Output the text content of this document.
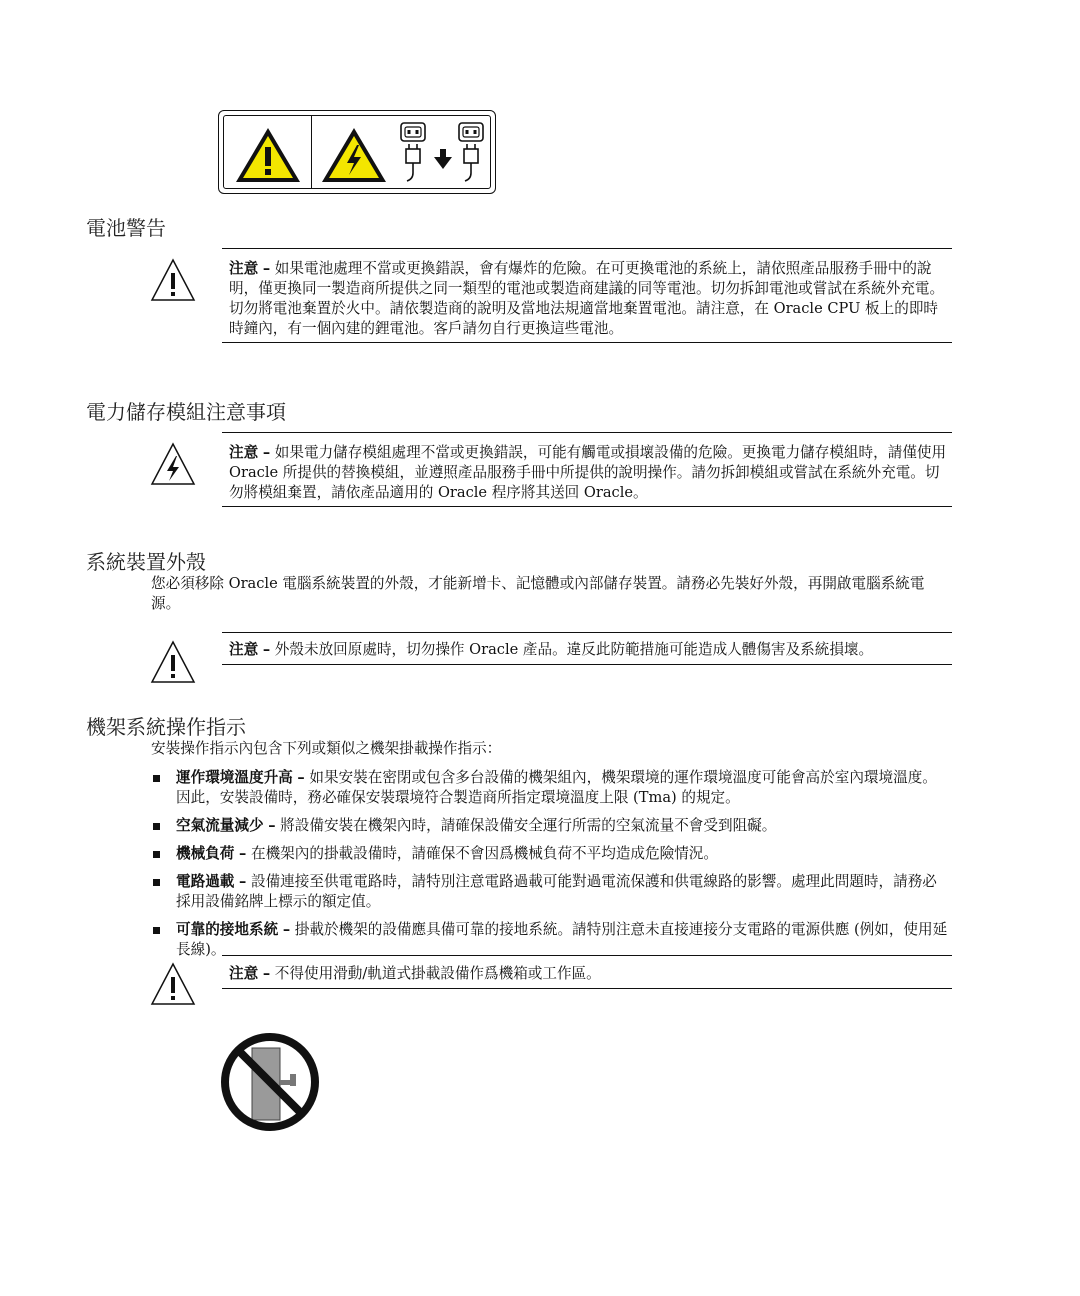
電池警告
注意 – 如果電池處理不當或更換錯誤，會有爆炸的危險。在可更換電池的系統上，請依照產品服務手冊中的說明，僅更換同一製造商所提供之同一類型的電池或製造商建議的同等電池。切勿拆卸電池或嘗試在系統外充電。切勿將電池棄置於火中。請依製造商的說明及當地法規適當地棄置電池。請注意，在 Oracle CPU 板上的即時時鐘內，有一個內建的鋰電池。客戶請勿自行更換這些電池。
電力儲存模組注意事項
注意 – 如果電力儲存模組處理不當或更換錯誤，可能有觸電或損壞設備的危險。更換電力儲存模組時，請僅使用 Oracle 所提供的替換模組，並遵照產品服務手冊中所提供的說明操作。請勿拆卸模組或嘗試在系統外充電。切勿將模組棄置，請依產品適用的 Oracle 程序將其送回 Oracle。
系統裝置外殼
您必須移除 Oracle 電腦系統裝置的外殼，才能新增卡、記憶體或內部儲存裝置。請務必先裝好外殼，再開啟電腦系統電源。
注意 – 外殼未放回原處時，切勿操作 Oracle 產品。違反此防範措施可能造成人體傷害及系統損壞。
機架系統操作指示
安裝操作指示內包含下列或類似之機架掛載操作指示：
運作環境溫度升高 – 如果安裝在密閉或包含多台設備的機架組內，機架環境的運作環境溫度可能會高於室內環境溫度。因此，安裝設備時，務必確保安裝環境符合製造商所指定環境溫度上限 (Tma) 的規定。
空氣流量減少 – 將設備安裝在機架內時，請確保設備安全運行所需的空氣流量不會受到阻礙。
機械負荷 – 在機架內的掛載設備時，請確保不會因爲機械負荷不平均造成危險情況。
電路過載 – 設備連接至供電電路時，請特別注意電路過載可能對過電流保護和供電線路的影響。處理此問題時，請務必採用設備銘牌上標示的額定值。
可靠的接地系統 – 掛載於機架的設備應具備可靠的接地系統。請特別注意未直接連接分支電路的電源供應 (例如，使用延長線)。
注意 – 不得使用滑動/軌道式掛載設備作爲機箱或工作區。
